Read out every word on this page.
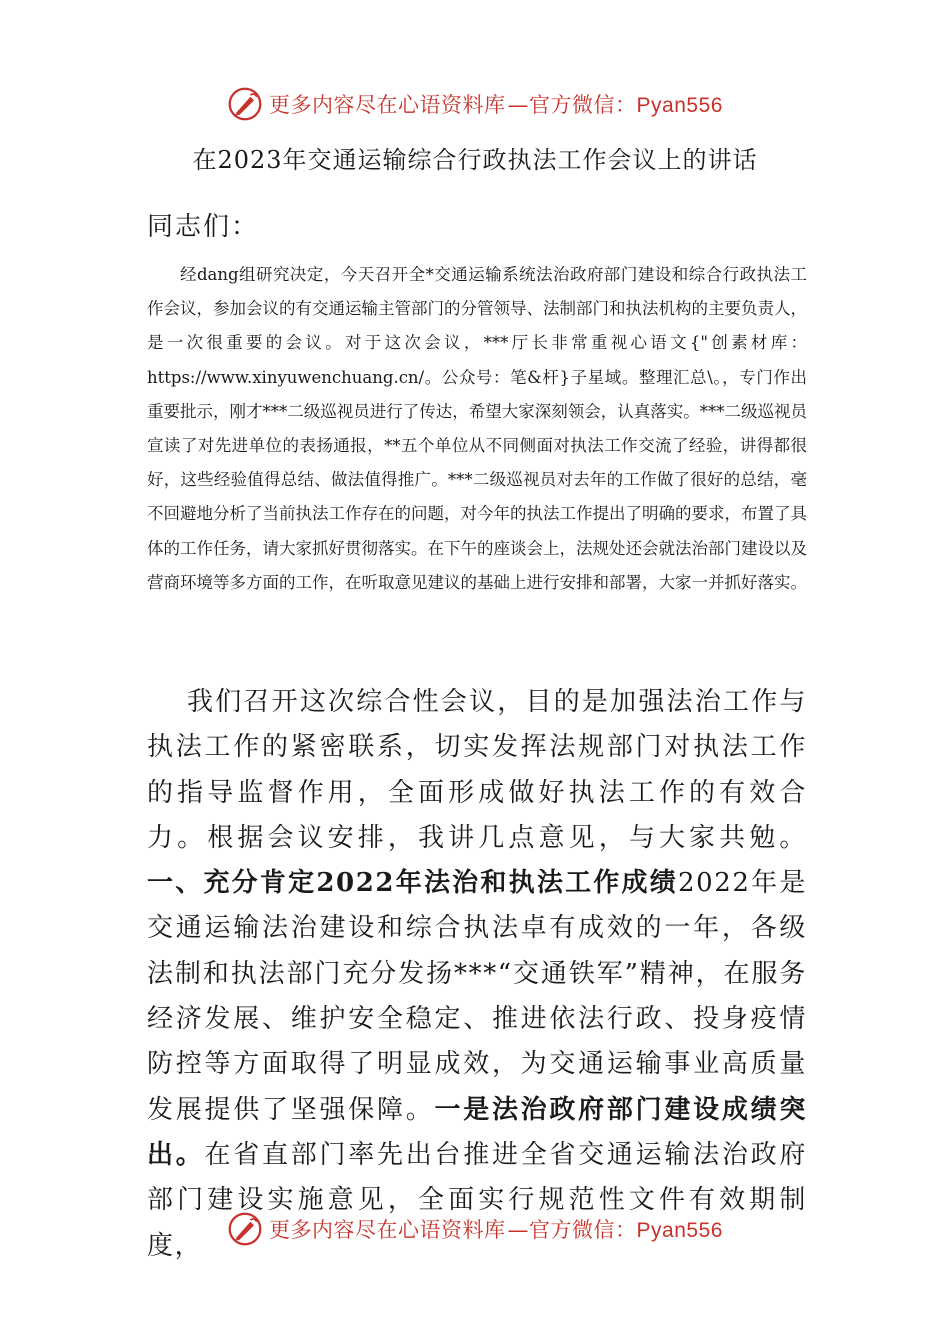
更多内容尽在心语资料库—官方微信：Pyan556
在2023年交通运输综合行政执法工作会议上的讲话
同志们：

经dang组研究决定，今天召开全*交通运输系统法治政府部门建设和综合行政执法工作会议，参加会议的有交通运输主管部门的分管领导、法制部门和执法机构的主要负责人，是一次很重要的会议。对于这次会议，***厅长非常重视心语文{"创素材库：https://www.xinyuwenchuang.cn/。公众号：笔&杆}子星域。整理汇总\。，专门作出重要批示，刚才***二级巡视员进行了传达，希望大家深刻领会，认真落实。***二级巡视员宣读了对先进单位的表扬通报，**五个单位从不同侧面对执法工作交流了经验，讲得都很好，这些经验值得总结、做法值得推广。***二级巡视员对去年的工作做了很好的总结，毫不回避地分析了当前执法工作存在的问题，对今年的执法工作提出了明确的要求，布置了具体的工作任务，请大家抓好贯彻落实。在下午的座谈会上，法规处还会就法治部门建设以及营商环境等多方面的工作，在听取意见建议的基础上进行安排和部署，大家一并抓好落实。

我们召开这次综合性会议，目的是加强法治工作与执法工作的紧密联系，切实发挥法规部门对执法工作的指导监督作用，全面形成做好执法工作的有效合力。根据会议安排，我讲几点意见，与大家共勉。一、充分肯定2022年法治和执法工作成绩2022年是交通运输法治建设和综合执法卓有成效的一年，各级法制和执法部门充分发扬***“交通铁军”精神，在服务经济发展、维护安全稳定、推进依法行政、投身疫情防控等方面取得了明显成效，为交通运输事业高质量发展提供了坚强保障。一是法治政府部门建设成绩突出。在省直部门率先出台推进全省交通运输法治政府部门建设实施意见，全面实行规范性文件有效期制度，

更多内容尽在心语资料库—官方微信：Pyan556
